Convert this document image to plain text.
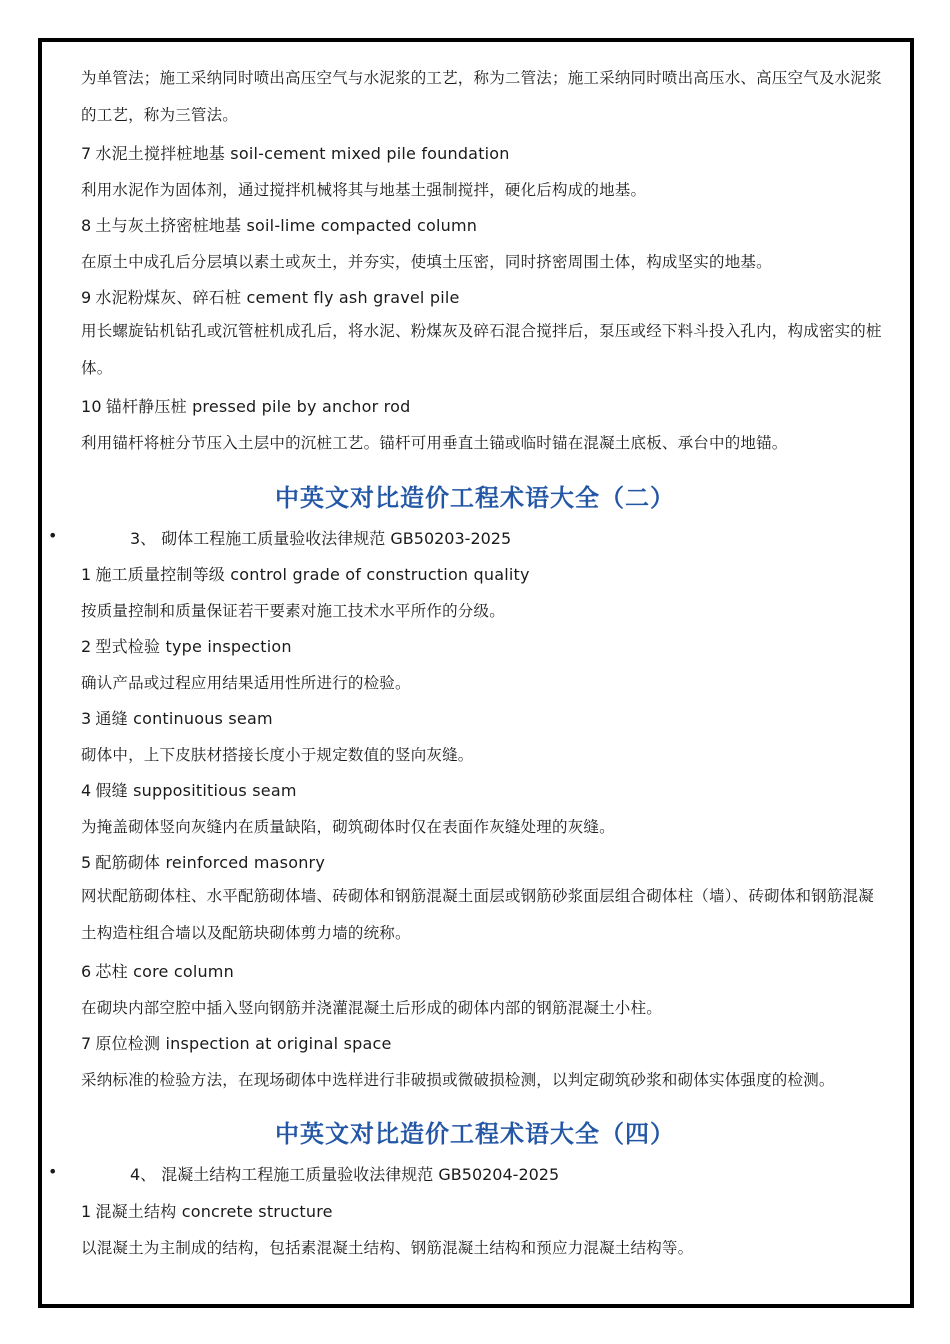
为单管法；施工采纳同时喷出高压空气与水泥浆的工艺，称为二管法；施工采纳同时喷出高压水、高压空气及水泥浆的工艺，称为三管法。
7 水泥土搅拌桩地基 soil-cement mixed pile foundation
利用水泥作为固体剂，通过搅拌机械将其与地基土强制搅拌，硬化后构成的地基。
8 土与灰土挤密桩地基 soil-lime compacted column
在原土中成孔后分层填以素土或灰土，并夯实，使填土压密，同时挤密周围土体，构成坚实的地基。
9 水泥粉煤灰、碎石桩 cement fly ash gravel pile
用长螺旋钻机钻孔或沉管桩机成孔后，将水泥、粉煤灰及碎石混合搅拌后，泵压或经下料斗投入孔内，构成密实的桩体。
10 锚杆静压桩 pressed pile by anchor rod
利用锚杆将桩分节压入土层中的沉桩工艺。锚杆可用垂直土锚或临时锚在混凝土底板、承台中的地锚。
中英文对比造价工程术语大全（二）
•	3、 砌体工程施工质量验收法律规范 GB50203-2025
1 施工质量控制等级 control grade of construction quality
按质量控制和质量保证若干要素对施工技术水平所作的分级。
2 型式检验 type inspection
确认产品或过程应用结果适用性所进行的检验。
3 通缝 continuous seam
砌体中，上下皮肤材搭接长度小于规定数值的竖向灰缝。
4 假缝 supposititious seam
为掩盖砌体竖向灰缝内在质量缺陷，砌筑砌体时仅在表面作灰缝处理的灰缝。
5 配筋砌体 reinforced masonry
网状配筋砌体柱、水平配筋砌体墙、砖砌体和钢筋混凝土面层或钢筋砂浆面层组合砌体柱（墙）、砖砌体和钢筋混凝土构造柱组合墙以及配筋块砌体剪力墙的统称。
6 芯柱 core column
在砌块内部空腔中插入竖向钢筋并浇灌混凝土后形成的砌体内部的钢筋混凝土小柱。
7 原位检测 inspection at original space
采纳标准的检验方法，在现场砌体中选样进行非破损或微破损检测，以判定砌筑砂浆和砌体实体强度的检测。
中英文对比造价工程术语大全（四）
•	4、 混凝土结构工程施工质量验收法律规范 GB50204-2025
1 混凝土结构 concrete structure
以混凝土为主制成的结构，包括素混凝土结构、钢筋混凝土结构和预应力混凝土结构等。
